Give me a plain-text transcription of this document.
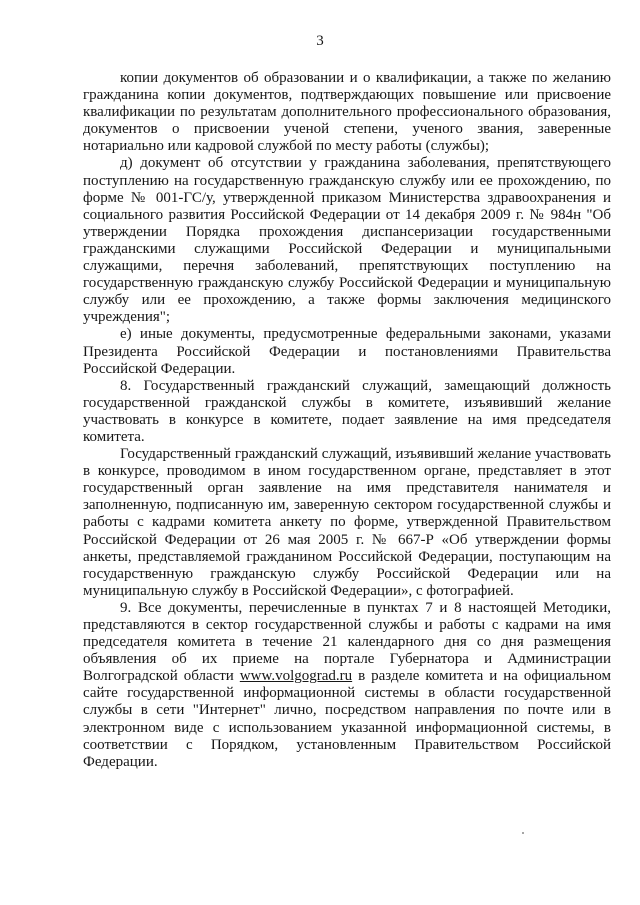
3

копии документов об образовании и о квалификации, а также по желанию гражданина копии документов, подтверждающих повышение или присвоение квалификации по результатам дополнительного профессионального образования, документов о присвоении ученой степени, ученого звания, заверенные нотариально или кадровой службой по месту работы (службы);

д) документ об отсутствии у гражданина заболевания, препятствующего поступлению на государственную гражданскую службу или ее прохождению, по форме № 001-ГС/у, утвержденной приказом Министерства здравоохранения и социального развития Российской Федерации от 14 декабря 2009 г. № 984н "Об утверждении Порядка прохождения диспансеризации государственными гражданскими служащими Российской Федерации и муниципальными служащими, перечня заболеваний, препятствующих поступлению на государственную гражданскую службу Российской Федерации и муниципальную службу или ее прохождению, а также формы заключения медицинского учреждения";

е) иные документы, предусмотренные федеральными законами, указами Президента Российской Федерации и постановлениями Правительства Российской Федерации.

8. Государственный гражданский служащий, замещающий должность государственной гражданской службы в комитете, изъявивший желание участвовать в конкурсе в комитете, подает заявление на имя председателя комитета.

Государственный гражданский служащий, изъявивший желание участвовать в конкурсе, проводимом в ином государственном органе, представляет в этот государственный орган заявление на имя представителя нанимателя и заполненную, подписанную им, заверенную сектором государственной службы и работы с кадрами комитета анкету по форме, утвержденной Правительством Российской Федерации от 26 мая 2005 г. № 667-Р «Об утверждении формы анкеты, представляемой гражданином Российской Федерации, поступающим на государственную гражданскую службу Российской Федерации или на муниципальную службу в Российской Федерации», с фотографией.

9. Все документы, перечисленные в пунктах 7 и 8 настоящей Методики, представляются в сектор государственной службы и работы с кадрами на имя председателя комитета в течение 21 календарного дня со дня размещения объявления об их приеме на портале Губернатора и Администрации Волгоградской области www.volgograd.ru в разделе комитета и на официальном сайте государственной информационной системы в области государственной службы в сети "Интернет" лично, посредством направления по почте или в электронном виде с использованием указанной информационной системы, в соответствии с Порядком, установленным Правительством Российской Федерации.
